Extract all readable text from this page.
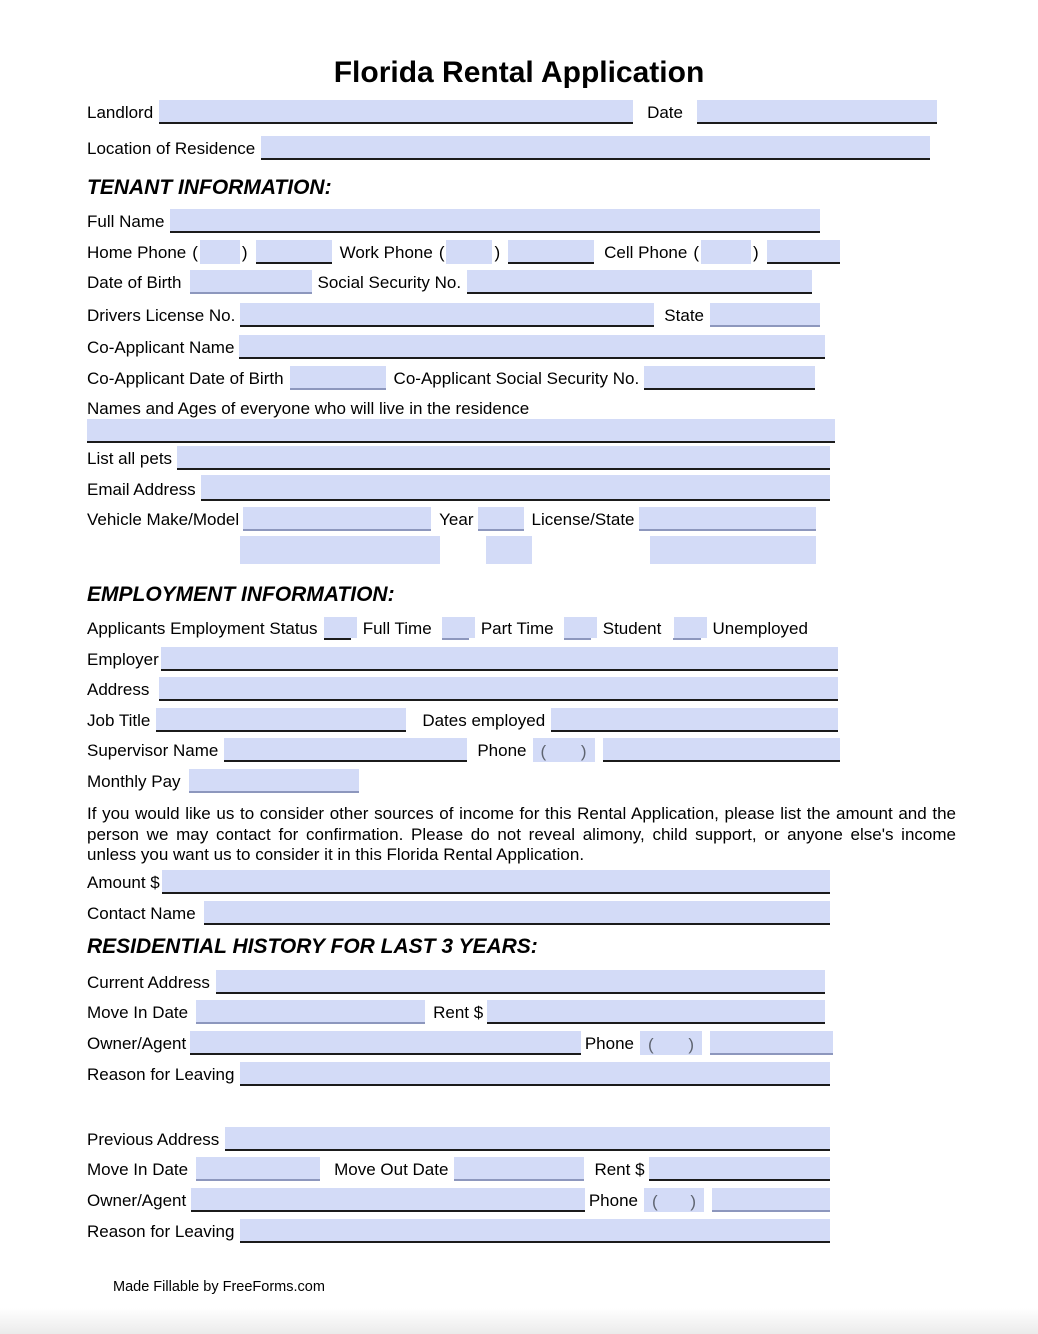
Florida Rental Application
Landlord	Date
Location of Residence
TENANT INFORMATION:
Full Name
Home Phone (	)	Work Phone (	)	Cell Phone (	)
Date of Birth	Social Security No.
Drivers License No.	State
Co-Applicant Name
Co-Applicant Date of Birth	Co-Applicant Social Security No.
Names and Ages of everyone who will live in the residence
List all pets
Email Address
Vehicle Make/Model	Year	License/State
EMPLOYMENT INFORMATION:
Applicants Employment Status	Full Time	Part Time	Student	Unemployed
Employer
Address
Job Title	Dates employed
Supervisor Name	Phone ( )
Monthly Pay
If you would like us to consider other sources of income for this Rental Application, please list the amount and the person we may contact for confirmation. Please do not reveal alimony, child support, or anyone else's income unless you want us to consider it in this Florida Rental Application.
Amount $
Contact Name
RESIDENTIAL HISTORY FOR LAST 3 YEARS:
Current Address
Move In Date	Rent $
Owner/Agent	Phone ( )
Reason for Leaving
Previous Address
Move In Date	Move Out Date	Rent $
Owner/Agent	Phone ( )
Reason for Leaving
Made Fillable by FreeForms.com
